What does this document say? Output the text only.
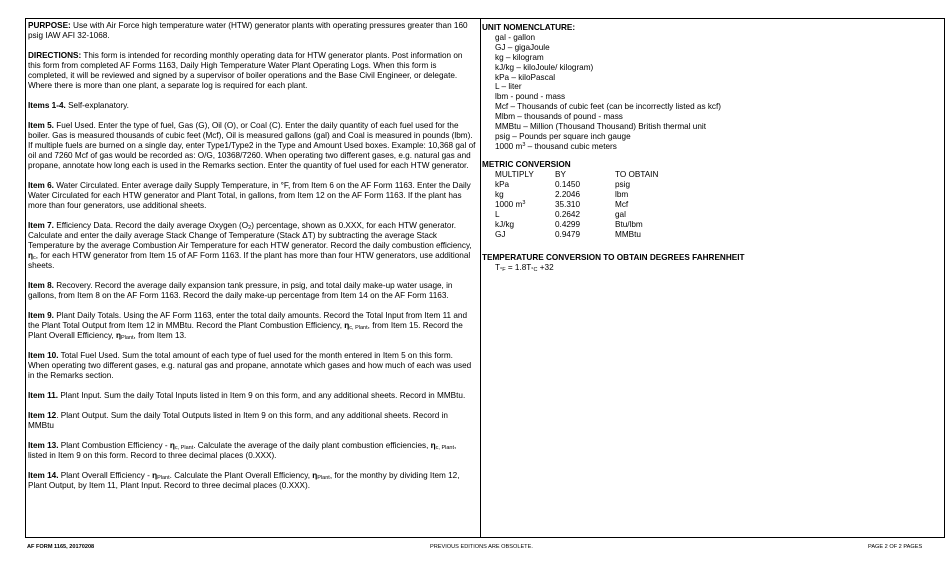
PURPOSE: Use with Air Force high temperature water (HTW) generator plants with operating pressures greater than 160 psig IAW AFI 32-1068.

DIRECTIONS: This form is intended for recording monthly operating data for HTW generator plants. Post information on this form from completed AF Forms 1163, Daily High Temperature Water Plant Operating Logs. When this form is completed, it will be reviewed and signed by a supervisor of boiler operations and the Base Civil Engineer, or delegate. Where there is more than one plant, a separate log is required for each plant.

Items 1-4. Self-explanatory.

Item 5. Fuel Used. Enter the type of fuel, Gas (G), Oil (O), or Coal (C). Enter the daily quantity of each fuel used for the boiler. Gas is measured thousands of cubic feet (Mcf), Oil is measured gallons (gal) and Coal is measured in pounds (lbm). If multiple fuels are burned on a single day, enter Type1/Type2 in the Type and Amount Used boxes. Example: 10,368 gal of oil and 7260 Mcf of gas would be recorded as: O/G, 10368/7260. When operating two different gases, e.g. natural gas and propane, annotate how long each is used in the Remarks section. Enter the quantity of fuel used for each HTW generator.

Item 6. Water Circulated. Enter average daily Supply Temperature, in °F, from Item 6 on the AF Form 1163. Enter the Daily Water Circulated for each HTW generator and Plant Total, in gallons, from Item 12 on the AF Form 1163. If the plant has more than four generators, use additional sheets.

Item 7. Efficiency Data. Record the daily average Oxygen $(O_2)$ percentage, shown as 0.XXX, for each HTW generator. Calculate and enter the daily average Stack Change of Temperature (Stack ΔT) by subtracting the average Stack Temperature by the average Combustion Air Temperature for each HTW generator. Record the daily combustion efficiency, $\eta_c$, for each HTW generator from Item 15 of AF Form 1163. If the plant has more than four HTW generators, use additional sheets.

Item 8. Recovery. Record the average daily expansion tank pressure, in psig, and total daily make-up water usage, in gallons, from Item 8 on the AF Form 1163. Record the daily make-up percentage from Item 14 on the AF Form 1163.

Item 9. Plant Daily Totals. Using the AF Form 1163, enter the total daily amounts. Record the Total Input from Item 11 and the Plant Total Output from Item 12 in MMBtu. Record the Plant Combustion Efficiency, $\eta_{c, Plant}$, from Item 15. Record the Plant Overall Efficiency, $\eta_{Plant}$, from Item 13.

Item 10. Total Fuel Used. Sum the total amount of each type of fuel used for the month entered in Item 5 on this form. When operating two different gases, e.g. natural gas and propane, annotate which gases and how much of each was used in the Remarks section.

Item 11. Plant Input. Sum the daily Total Inputs listed in Item 9 on this form, and any additional sheets. Record in MMBtu.

Item 12. Plant Output. Sum the daily Total Outputs listed in Item 9 on this form, and any additional sheets. Record in MMBtu

Item 13. Plant Combustion Efficiency - $\eta_{c, Plant}$. Calculate the average of the daily plant combustion efficiencies, $\eta_{c, Plant}$, listed in Item 9 on this form. Record to three decimal places (0.XXX).

Item 14. Plant Overall Efficiency - $\eta_{Plant}$. Calculate the Plant Overall Efficiency, $\eta_{Plant}$, for the monthy by dividing Item 12, Plant Output, by Item 11, Plant Input. Record to three decimal places (0.XXX).

UNIT NOMENCLATURE:
gal - gallon
GJ – gigaJoule
kg – kilogram
kJ/kg – kiloJoule/ kilogram)
kPa – kiloPascal
L – liter
lbm - pound - mass
Mcf – Thousands of cubic feet (can be incorrectly listed as kcf)
Mlbm – thousands of pound - mass
MMBtu – Million (Thousand Thousand) British thermal unit
psig – Pounds per square inch gauge
1000 $m^3$ – thousand cubic meters
METRIC CONVERSION
MULTIPLY	BY	TO OBTAIN
kPa	0.1450	psig
kg	2.2046	lbm
1000 $m^3$	35.310	Mcf
L	0.2642	gal
kJ/kg	0.4299	Btu/lbm
GJ	0.9479	MMBtu
TEMPERATURE CONVERSION TO OBTAIN DEGREES FAHRENHEIT
$T_{^\circ F} = 1.8T_{^\circ C} +32$
AF FORM 1165, 20170208	PREVIOUS EDITIONS ARE OBSOLETE.	PAGE 2 OF 2 PAGES
